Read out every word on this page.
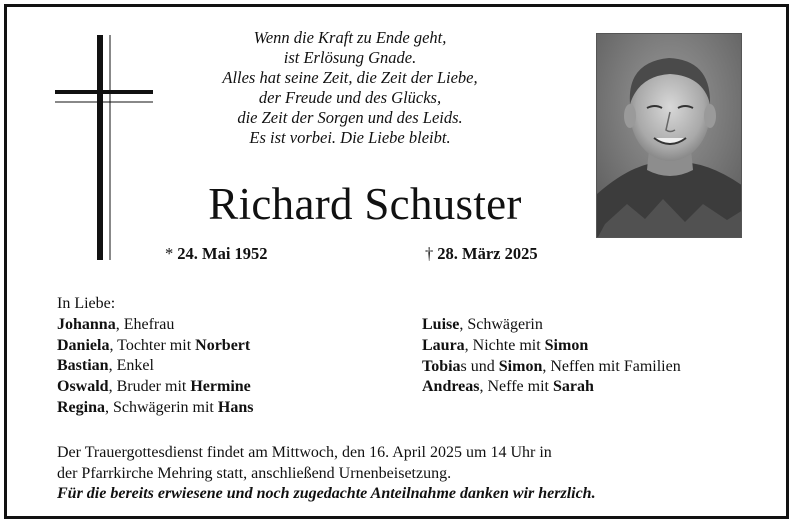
Wenn die Kraft zu Ende geht,
ist Erlösung Gnade.
Alles hat seine Zeit, die Zeit der Liebe,
der Freude und des Glücks,
die Zeit der Sorgen und des Leids.
Es ist vorbei. Die Liebe bleibt.
Richard Schuster
* 24. Mai 1952	† 28. März 2025
In Liebe:
Johanna, Ehefrau
Daniela, Tochter mit Norbert
Bastian, Enkel
Oswald, Bruder mit Hermine
Regina, Schwägerin mit Hans
Luise, Schwägerin
Laura, Nichte mit Simon
Tobias und Simon, Neffen mit Familien
Andreas, Neffe mit Sarah
Der Trauergottesdienst findet am Mittwoch, den 16. April 2025 um 14 Uhr in
der Pfarrkirche Mehring statt, anschließend Urnenbeisetzung.
Für die bereits erwiesene und noch zugedachte Anteilnahme danken wir herzlich.
